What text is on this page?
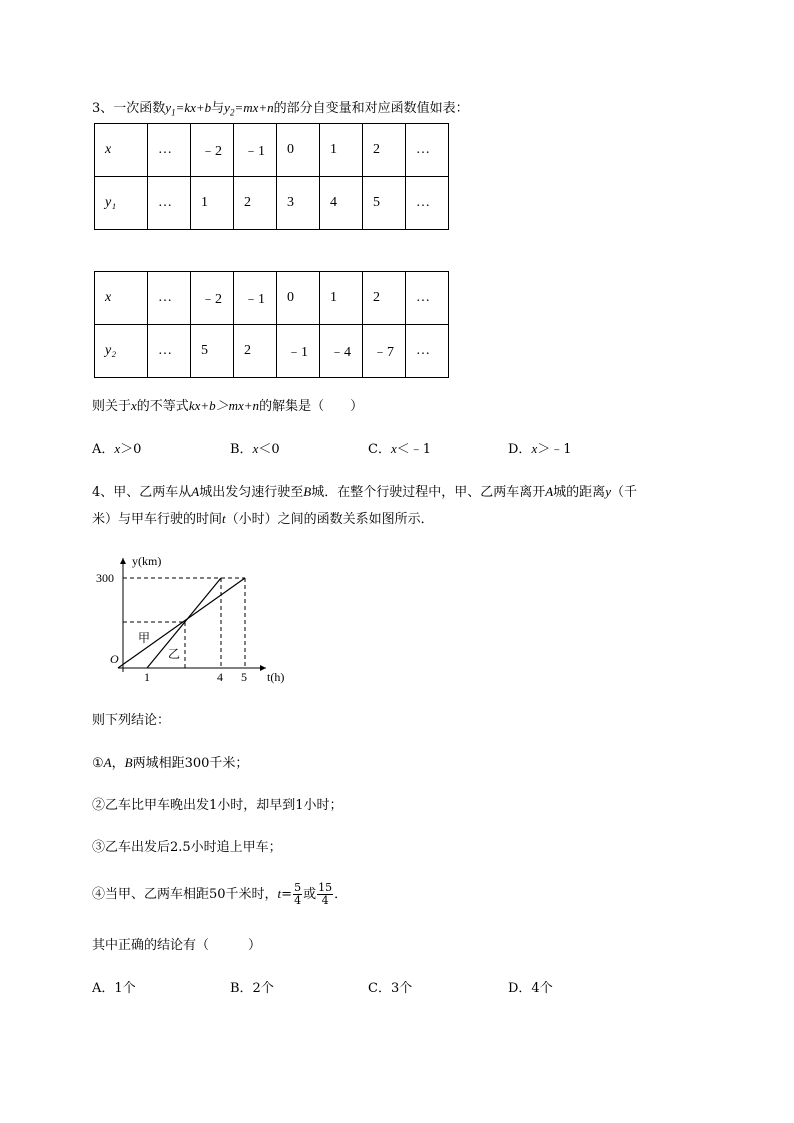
3、一次函数$y_1=kx+b$与$y_2=mx+n$的部分自变量和对应函数值如表：
x	…	﹣2	﹣1	0	1	2	…
y₁	…	1	2	3	4	5	…
x	…	﹣2	﹣1	0	1	2	…
y₂	…	5	2	﹣1	﹣4	﹣7	…
则关于x的不等式kx+b＞mx+n的解集是（　　）
A．x＞0	B．x＜0	C．x＜﹣1	D．x＞﹣1
4、甲、乙两车从A城出发匀速行驶至B城．在整个行驶过程中，甲、乙两车离开A城的距离y（千
米）与甲车行驶的时间t（小时）之间的函数关系如图所示．
y(km)
t(h)
O
300
1	4 5
甲
乙
则下列结论：
①A，B两城相距300千米；
②乙车比甲车晚出发1小时，却早到1小时；
③乙车出发后2.5小时追上甲车；
④当甲、乙两车相距50千米时，$t= \frac{5}{4}$ 或 $\frac{15}{4}$ ．
其中正确的结论有（　　　）
A．1个	B．2个	C．3个	D．4个
